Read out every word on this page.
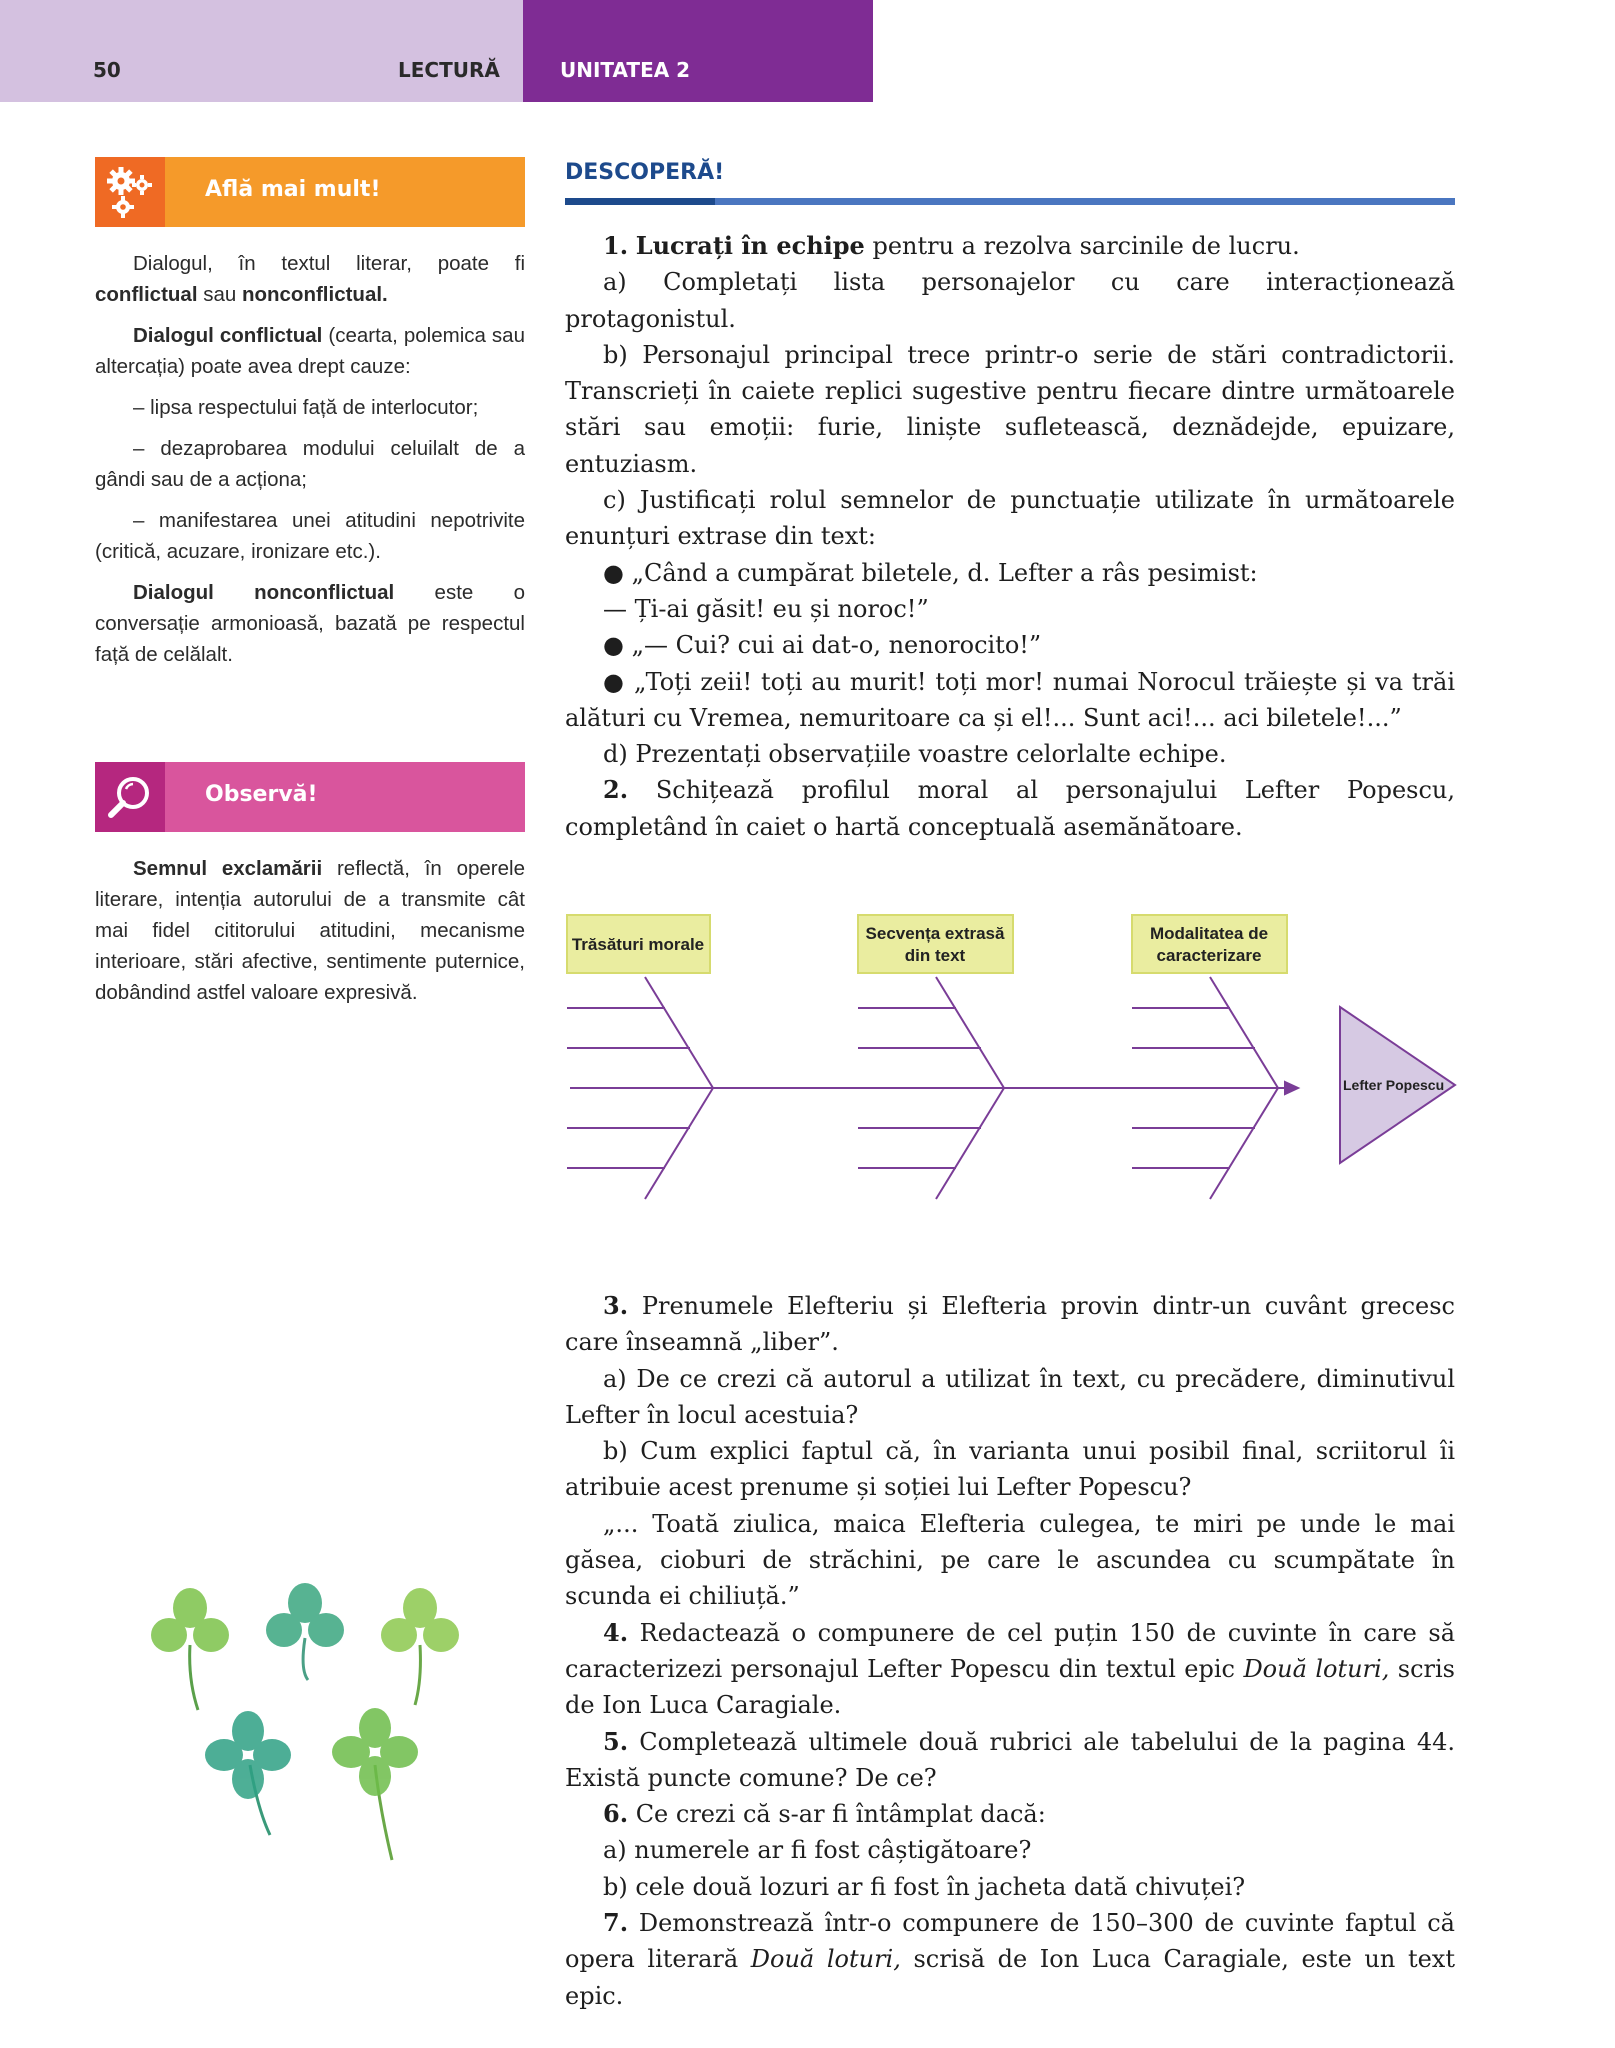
50	LECTURĂ	UNITATEA 2
Află mai mult!

Dialogul, în textul literar, poate fi conflictual sau nonconflictual.

Dialogul conflictual (cearta, polemica sau altercația) poate avea drept cauze:

– lipsa respectului față de interlocutor;

– dezaprobarea modului celuilalt de a gândi sau de a acționa;

– manifestarea unei atitudini nepotrivite (critică, acuzare, ironizare etc.).

Dialogul nonconflictual este o conversație armonioasă, bazată pe respectul față de celălalt.

Observă!

Semnul exclamării reflectă, în operele literare, intenția autorului de a transmite cât mai fidel cititorului atitudini, mecanisme interioare, stări afective, sentimente puternice, dobândind astfel valoare expresivă.

DESCOPERĂ!

1. Lucrați în echipe pentru a rezolva sarcinile de lucru.

a) Completați lista personajelor cu care interacționează protagonistul.

b) Personajul principal trece printr-o serie de stări contradictorii. Transcrieți în caiete replici sugestive pentru fiecare dintre următoarele stări sau emoții: furie, liniște sufletească, deznădejde, epuizare, entuziasm.

c) Justificați rolul semnelor de punctuație utilizate în următoarele enunțuri extrase din text:

● „Când a cumpărat biletele, d. Lefter a râs pesimist:

— Ți-ai găsit! eu și noroc!”

● „— Cui? cui ai dat-o, nenorocito!”

● „Toți zeii! toți au murit! toți mor! numai Norocul trăiește și va trăi alături cu Vremea, nemuritoare ca și el!... Sunt aci!... aci biletele!...”

d) Prezentați observațiile voastre celorlalte echipe.

2. Schițează profilul moral al personajului Lefter Popescu, completând în caiet o hartă conceptuală asemănătoare.

Trăsături morale
Secvența extrasă
din text
Modalitatea de
caracterizare
Lefter Popescu

3. Prenumele Elefteriu și Elefteria provin dintr-un cuvânt grecesc care înseamnă „liber”.

a) De ce crezi că autorul a utilizat în text, cu precădere, diminutivul Lefter în locul acestuia?

b) Cum explici faptul că, în varianta unui posibil final, scriitorul îi atribuie acest prenume și soției lui Lefter Popescu?

„... Toată ziulica, maica Elefteria culegea, te miri pe unde le mai găsea, cioburi de străchini, pe care le ascundea cu scumpătate în scunda ei chiliuță.”

4. Redactează o compunere de cel puțin 150 de cuvinte în care să caracterizezi personajul Lefter Popescu din textul epic Două loturi, scris de Ion Luca Caragiale.

5. Completează ultimele două rubrici ale tabelului de la pagina 44. Există puncte comune? De ce?

6. Ce crezi că s-ar fi întâmplat dacă:

a) numerele ar fi fost câștigătoare?

b) cele două lozuri ar fi fost în jacheta dată chivuței?

7. Demonstrează într-o compunere de 150–300 de cuvinte faptul că opera literară Două loturi, scrisă de Ion Luca Caragiale, este un text epic.
